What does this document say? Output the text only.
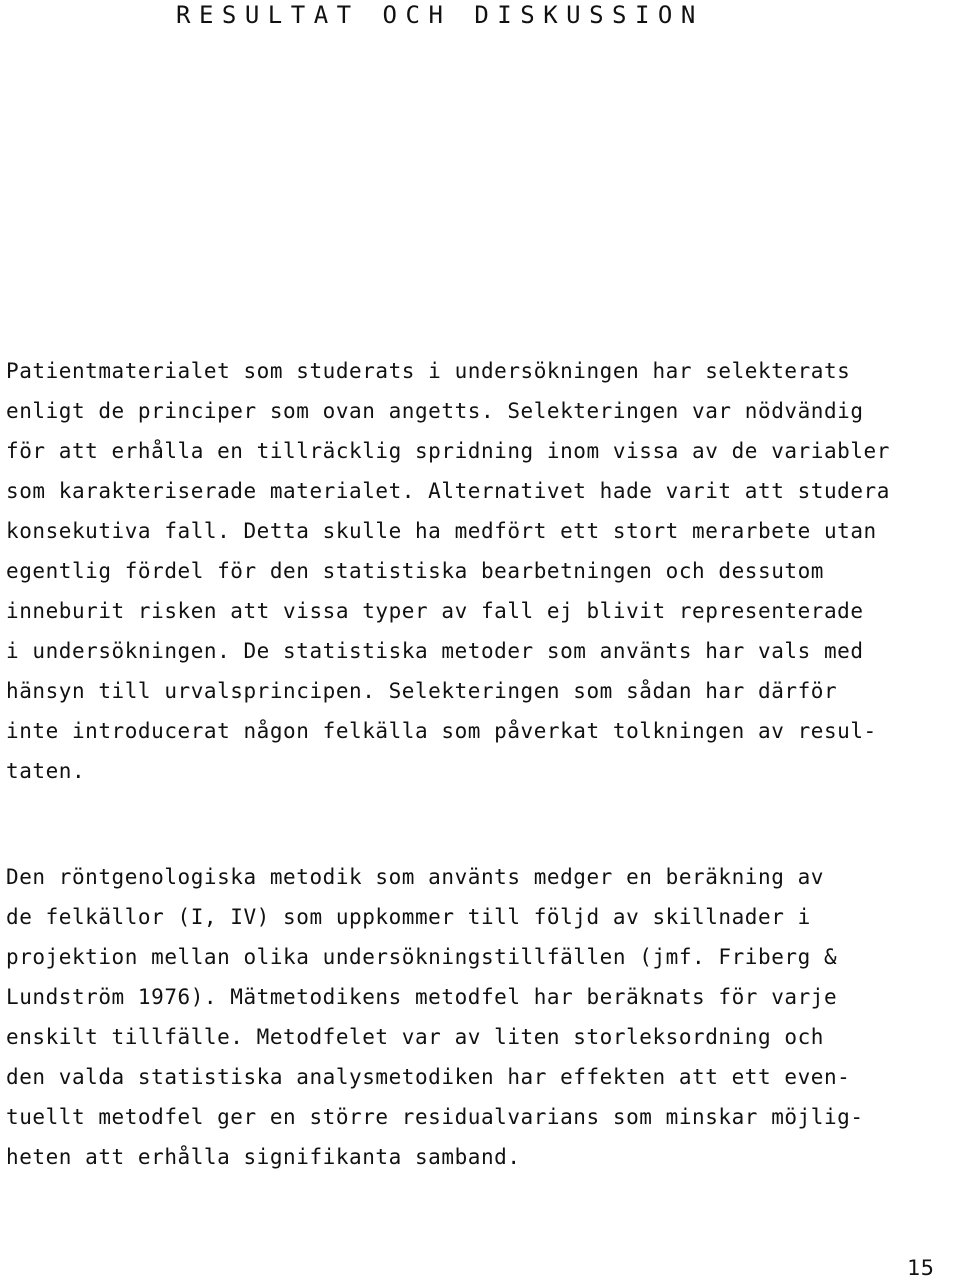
RESULTAT OCH DISKUSSION
Patientmaterialet som studerats i undersökningen har selekterats
enligt de principer som ovan angetts. Selekteringen var nödvändig
för att erhålla en tillräcklig spridning inom vissa av de variabler
som karakteriserade materialet. Alternativet hade varit att studera
konsekutiva fall. Detta skulle ha medfört ett stort merarbete utan
egentlig fördel för den statistiska bearbetningen och dessutom
inneburit risken att vissa typer av fall ej blivit representerade
i undersökningen. De statistiska metoder som använts har vals med
hänsyn till urvalsprincipen. Selekteringen som sådan har därför
inte introducerat någon felkälla som påverkat tolkningen av resul-
taten.
Den röntgenologiska metodik som använts medger en beräkning av
de felkällor (I, IV) som uppkommer till följd av skillnader i
projektion mellan olika undersökningstillfällen (jmf. Friberg &
Lundström 1976). Mätmetodikens metodfel har beräknats för varje
enskilt tillfälle. Metodfelet var av liten storleksordning och
den valda statistiska analysmetodiken har effekten att ett even-
tuellt metodfel ger en större residualvarians som minskar möjlig-
heten att erhålla signifikanta samband.
15
